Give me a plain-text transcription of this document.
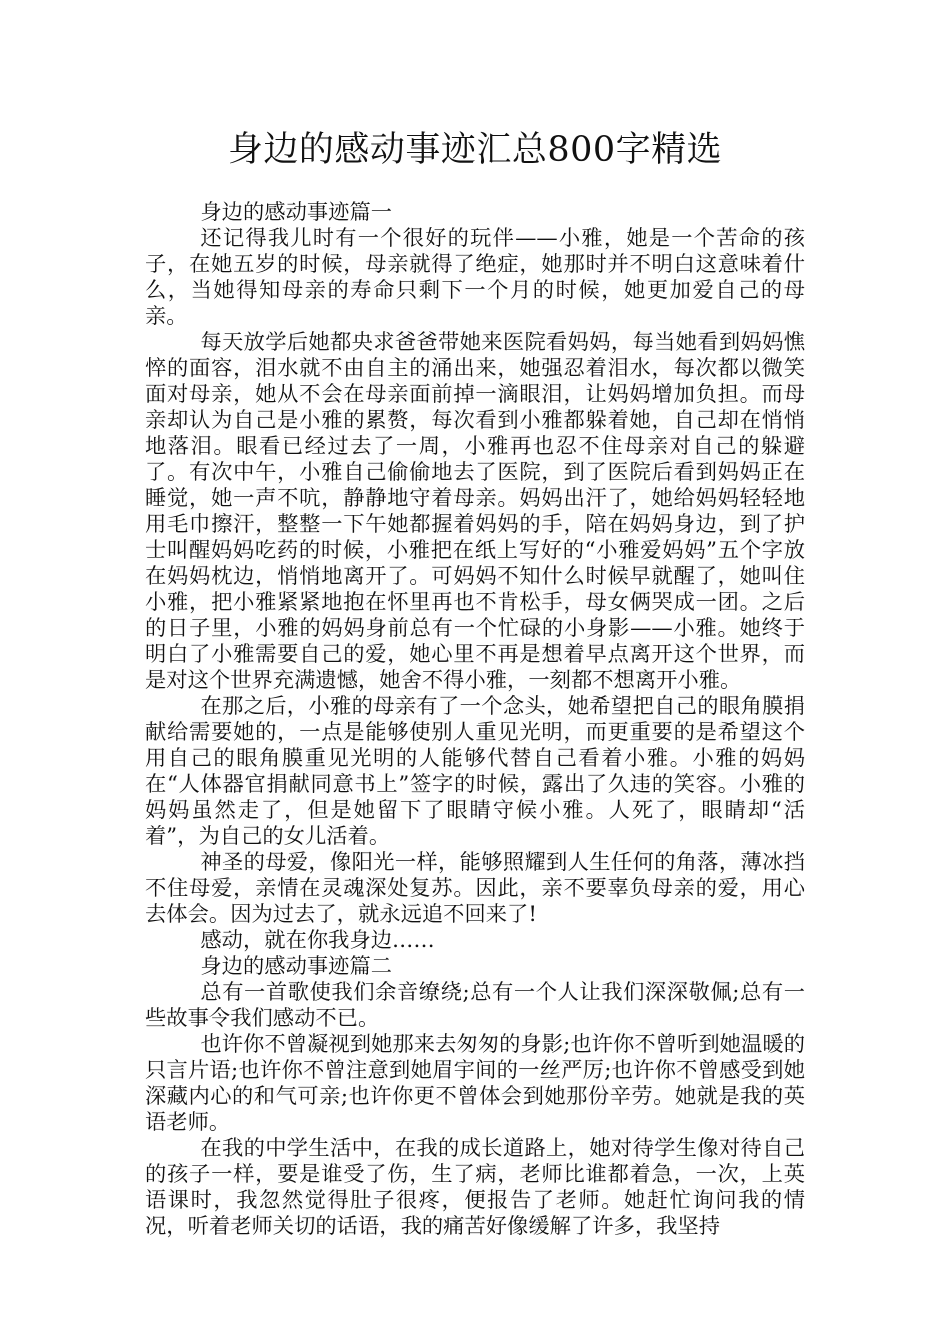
身边的感动事迹汇总800字精选

身边的感动事迹篇一

还记得我儿时有一个很好的玩伴——小雅，她是一个苦命的孩子，在她五岁的时候，母亲就得了绝症，她那时并不明白这意味着什么，当她得知母亲的寿命只剩下一个月的时候，她更加爱自己的母亲。

每天放学后她都央求爸爸带她来医院看妈妈，每当她看到妈妈憔悴的面容，泪水就不由自主的涌出来，她强忍着泪水，每次都以微笑面对母亲，她从不会在母亲面前掉一滴眼泪，让妈妈增加负担。而母亲却认为自己是小雅的累赘，每次看到小雅都躲着她，自己却在悄悄地落泪。眼看已经过去了一周，小雅再也忍不住母亲对自己的躲避了。有次中午，小雅自己偷偷地去了医院，到了医院后看到妈妈正在睡觉，她一声不吭，静静地守着母亲。妈妈出汗了，她给妈妈轻轻地用毛巾擦汗，整整一下午她都握着妈妈的手，陪在妈妈身边，到了护士叫醒妈妈吃药的时候，小雅把在纸上写好的“小雅爱妈妈”五个字放在妈妈枕边，悄悄地离开了。可妈妈不知什么时候早就醒了，她叫住小雅，把小雅紧紧地抱在怀里再也不肯松手，母女俩哭成一团。之后的日子里，小雅的妈妈身前总有一个忙碌的小身影——小雅。她终于明白了小雅需要自己的爱，她心里不再是想着早点离开这个世界，而是对这个世界充满遗憾，她舍不得小雅，一刻都不想离开小雅。

在那之后，小雅的母亲有了一个念头，她希望把自己的眼角膜捐献给需要她的，一点是能够使别人重见光明，而更重要的是希望这个用自己的眼角膜重见光明的人能够代替自己看着小雅。小雅的妈妈在“人体器官捐献同意书上”签字的时候，露出了久违的笑容。小雅的妈妈虽然走了，但是她留下了眼睛守候小雅。人死了，眼睛却“活着”，为自己的女儿活着。

神圣的母爱，像阳光一样，能够照耀到人生任何的角落，薄冰挡不住母爱，亲情在灵魂深处复苏。因此，亲不要辜负母亲的爱，用心去体会。因为过去了，就永远追不回来了!

感动，就在你我身边……

身边的感动事迹篇二

总有一首歌使我们余音缭绕;总有一个人让我们深深敬佩;总有一些故事令我们感动不已。

也许你不曾凝视到她那来去匆匆的身影;也许你不曾听到她温暖的只言片语;也许你不曾注意到她眉宇间的一丝严厉;也许你不曾感受到她深藏内心的和气可亲;也许你更不曾体会到她那份辛劳。她就是我的英语老师。

在我的中学生活中，在我的成长道路上，她对待学生像对待自己的孩子一样，要是谁受了伤，生了病，老师比谁都着急，一次，上英语课时，我忽然觉得肚子很疼，便报告了老师。她赶忙询问我的情况，听着老师关切的话语，我的痛苦好像缓解了许多，我坚持
